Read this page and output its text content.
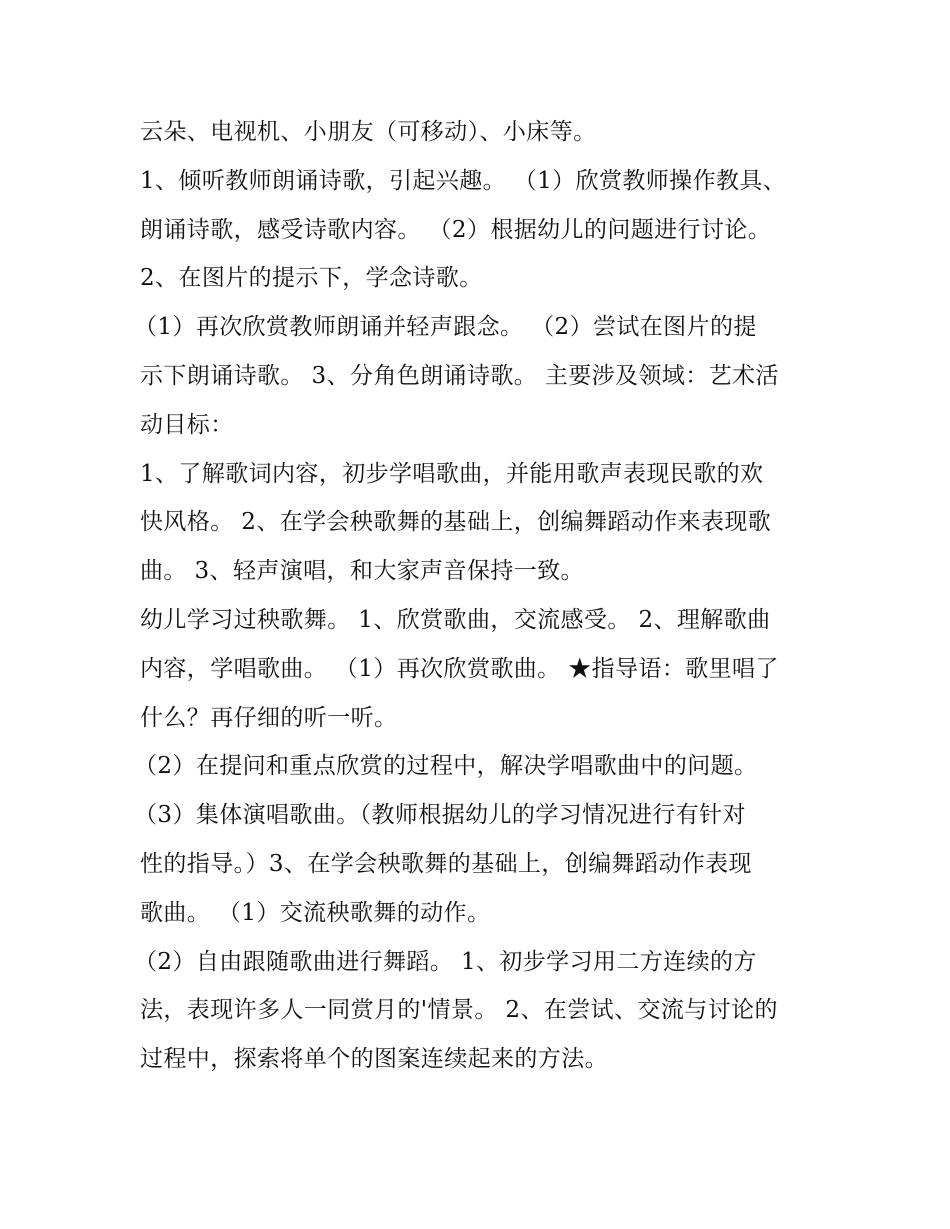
云朵、电视机、小朋友（可移动）、小床等。

1、倾听教师朗诵诗歌，引起兴趣。 （1）欣赏教师操作教具、

朗诵诗歌，感受诗歌内容。 （2）根据幼儿的问题进行讨论。

2、在图片的提示下，学念诗歌。

（1）再次欣赏教师朗诵并轻声跟念。 （2）尝试在图片的提

示下朗诵诗歌。 3、分角色朗诵诗歌。 主要涉及领域：艺术活

动目标：

1、了解歌词内容，初步学唱歌曲，并能用歌声表现民歌的欢

快风格。 2、在学会秧歌舞的基础上，创编舞蹈动作来表现歌

曲。 3、轻声演唱，和大家声音保持一致。

幼儿学习过秧歌舞。 1、欣赏歌曲，交流感受。 2、理解歌曲

内容，学唱歌曲。 （1）再次欣赏歌曲。 ★指导语：歌里唱了

什么？再仔细的听一听。

（2）在提问和重点欣赏的过程中，解决学唱歌曲中的问题。

（3）集体演唱歌曲。（教师根据幼儿的学习情况进行有针对

性的指导。）3、在学会秧歌舞的基础上，创编舞蹈动作表现

歌曲。 （1）交流秧歌舞的动作。

（2）自由跟随歌曲进行舞蹈。 1、初步学习用二方连续的方

法，表现许多人一同赏月的'情景。 2、在尝试、交流与讨论的

过程中，探索将单个的图案连续起来的方法。
